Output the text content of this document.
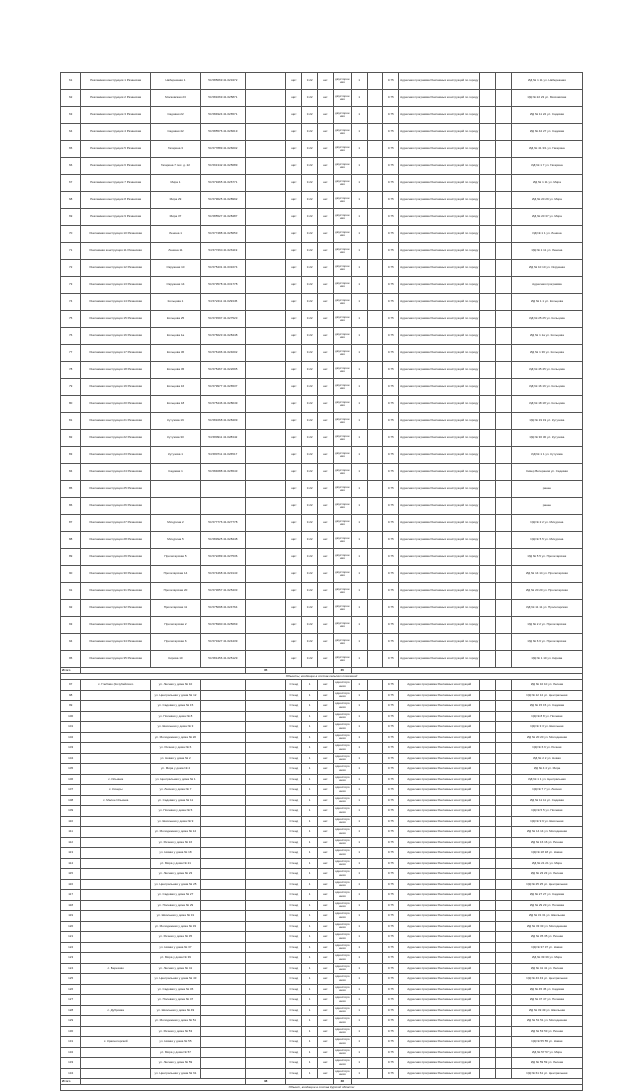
61	Рекламная конструкция 1 Рязанская	Набережная 1	54.585669 41.023472		щит	3.22	нет	двусторонняя	1		0.75	Адресная программа Рекламных конструкций по городу			ИД № 1 11 ул. Набережная
62	Рекламная конструкция 2 Рязанская	Московская 23	54.581669 41.025871		щит	3.22	нет	двусторонняя	1		0.75	Адресная программа Рекламных конструкций по городу			ИД № 22 23 ул. Московская
63	Рекламная конструкция 3 Рязанская	Садовая 22	54.584924 41.026571		щит	3.22	нет	двусторонняя	1		0.75	Адресная программа Рекламных конструкций по городу			ИД № 11 22 ул. Садовая
64	Рекламная конструкция 4 Рязанская	Садовая 42	54.585576 41.026619		щит	3.22	нет	двусторонняя	1		0.75	Адресная программа Рекламных конструкций по городу			ИД № 42 27 ул. Садовая
65	Рекламная конструкция 5 Рязанская	Гагарина 3	54.577889 41.026602		щит	3.22	нет	двусторонняя	1		0.75	Адресная программа Рекламных конструкций по городу			ИД № 41 3/1 ул. Гагарина
66	Рекламная конструкция 6 Рязанская	Гагарина 7 пос. д. 22	54.591342 41.025689		щит	3.22	нет	двусторонняя	1		0.75	Адресная программа Рекламных конструкций по городу			ИД № 1 7 ул. Гагарина
67	Рекламная конструкция 7 Рязанская	Мира 1	54.579465 41.026771		щит	3.22	нет	двусторонняя	1		0.75	Адресная программа Рекламных конструкций по городу			ИД № 1 11 ул. Мира
68	Рекламная конструкция 8 Рязанская	Мира 29	54.579625 41.028992		щит	3.22	нет	двусторонняя	1		0.75	Адресная программа Рекламных конструкций по городу			ИД № 20 29 ул. Мира
69	Рекламная конструкция 9 Рязанская	Мира 37	54.585527 41.028487		щит	3.22	нет	двусторонняя	1		0.75	Адресная программа Рекламных конструкций по городу			ИД № 20 37 ул. Мира
70	Рекламная конструкция 10 Рязанская	Ленина 1	54.577488 41.025653		щит	3.22	нет	двусторонняя	1		0.75	Адресная программа Рекламных конструкций по городу			ИД № 1 1 ул. Ленина
71	Рекламная конструкция 11 Рязанская	Ленина 11	54.577264 41.026119		щит	3.22	нет	двусторонняя	1		0.75	Адресная программа Рекламных конструкций по городу			ИД № 1 11 ул. Ленина
72	Рекламная конструкция 12 Рязанская	Окружная 10	54.575431 41.031674		щит	3.22	нет	двусторонняя	1		0.75	Адресная программа Рекламных конструкций по городу			ИД № 10 10 ул. Окружная
73	Рекламная конструкция 13 Рязанская	Окружная 14	54.573578 41.031778		щит	3.22	нет	двусторонняя	1		0.75	Адресная программа Рекламных конструкций по городу			Адресная программа
74	Рекламная конструкция 14 Рязанская	Кольцова 1	54.572411 41.029345		щит	3.22	нет	двусторонняя	1		0.75	Адресная программа Рекламных конструкций по городу			ИД № 1 1 ул. Кольцова
75	Рекламная конструкция 15 Рязанская	Кольцова 25	54.574597 41.027523		щит	3.22	нет	двусторонняя	1		0.75	Адресная программа Рекламных конструкций по городу			ИД № 25 25 ул. Кольцова
76	Рекламная конструкция 16 Рязанская	Кольцова 1а	54.576623 41.028448		щит	3.22	нет	двусторонняя	1		0.75	Адресная программа Рекламных конструкций по городу			ИД № 1 1а ул. Кольцова
77	Рекламная конструкция 17 Рязанская	Кольцова 36	54.576196 41.024002		щит	3.22	нет	двусторонняя	1		0.75	Адресная программа Рекламных конструкций по городу			ИД № 1 36 ул. Кольцова
78	Рекламная конструкция 18 Рязанская	Кольцова 45	54.575467 41.022695		щит	3.22	нет	двусторонняя	1		0.75	Адресная программа Рекламных конструкций по городу			ИД № 45 45 ул. Кольцова
79	Рекламная конструкция 19 Рязанская	Кольцова 16	54.579977 41.026537		щит	3.22	нет	двусторонняя	1		0.75	Адресная программа Рекламных конструкций по городу			ИД № 16 16 ул. Кольцова
80	Рекламная конструкция 20 Рязанская	Кольцова 18	54.575446 41.028049		щит	3.22	нет	двусторонняя	1		0.75	Адресная программа Рекламных конструкций по городу			ИД № 18 18 ул. Кольцова
81	Рекламная конструкция 21 Рязанская	Кутузова 19	54.581668 41.028409		щит	3.22	нет	двусторонняя	1		0.75	Адресная программа Рекламных конструкций по городу			ИД № 19 19 ул. Кутузова
82	Рекламная конструкция 22 Рязанская	Кутузова 30	54.580911 41.028342		щит	3.22	нет	двусторонняя	1		0.75	Адресная программа Рекламных конструкций по городу			ИД № 30 30 ул. Кутузова
83	Рекламная конструкция 23 Рязанская	Кутузова 1	54.580711 41.026517		щит	3.22	нет	двусторонняя	1		0.75	Адресная программа Рекламных конструкций по городу			ИД № 1 1 ул. Кутузова
84	Рекламная конструкция 24 Рязанская	Садовая 1	54.584688 41.026543		щит	3.22	нет	двусторонняя	1		0.75	Адресная программа Рекламных конструкций по городу			Сквер Ветеранов ул. Садовая
85	Рекламная конструкция 25 Рязанская				щит	3.22	нет	двусторонняя	1		0.75	Адресная программа Рекламных конструкций по городу			ранее
86	Рекламная конструкция 26 Рязанская				щит	3.22	нет	двусторонняя	1		0.75	Адресная программа Рекламных конструкций по городу			ранее
87	Рекламная конструкция 27 Рязанская	Мичурина 2	54.577776 41.027778		щит	3.22	нет	двусторонняя	1		0.75	Адресная программа Рекламных конструкций по городу			ИД № 2 2 ул. Мичурина
88	Рекламная конструкция 28 Рязанская	Мичурина 5	54.583925 41.028448		щит	3.22	нет	двусторонняя	1		0.75	Адресная программа Рекламных конструкций по городу			ИД № 5 5 ул. Мичурина
89	Рекламная конструкция 29 Рязанская	Пролетарская 5	54.572289 41.027536		щит	3.22	нет	двусторонняя	1		0.75	Адресная программа Рекламных конструкций по городу			ИД № 5 5 ул. Пролетарская
90	Рекламная конструкция 30 Рязанская	Пролетарская 14	54.574468 41.023143		щит	3.22	нет	двусторонняя	1		0.75	Адресная программа Рекламных конструкций по городу			ИД № 14 14 ул. Пролетарская
91	Рекламная конструкция 31 Рязанская	Пролетарская 20	54.573657 41.025433		щит	3.22	нет	двусторонняя	1		0.75	Адресная программа Рекламных конструкций по городу			ИД № 20 20 ул. Пролетарская
92	Рекламная конструкция 32 Рязанская	Пролетарская 11	54.575098 41.024764		щит	3.22	нет	двусторонняя	1		0.75	Адресная программа Рекламных конструкций по городу			ИД № 11 11 ул. Пролетарская
93	Рекламная конструкция 33 Рязанская	Пролетарская 2	54.576990 41.025669		щит	3.22	нет	двусторонняя	1		0.75	Адресная программа Рекламных конструкций по городу			ИД № 2 2 ул. Пролетарская
94	Рекламная конструкция 34 Рязанская	Пролетарская 6	54.573427 41.024439		щит	3.22	нет	двусторонняя	1		0.75	Адресная программа Рекламных конструкций по городу			ИД № 6 6 ул. Пролетарская
95	Рекламная конструкция 35 Рязанская	Кирова 10	54.581456 41.025129		щит	3.22	нет	двусторонняя	1		0.75	Адресная программа Рекламных конструкций по городу			ИД № 1 10 ул. Кирова
Итого				35				35							
Объекты, входящие в состав сельских поселений															
97	с. Глебово (Кочубейского	ул. Лесная у дома № 10			Стенд	1	нет	односторонняя	1		0.75	Адресная программа Рекламных конструкций			ИД № 10 10 ул. Лесная
98		ул. Центральная у дома № 12			Стенд	1	нет	односторонняя	1		0.75	Адресная программа Рекламных конструкций			ИД № 12 12 ул. Центральная
99		ул. Садовая у дома № 15			Стенд	1	нет	односторонняя	1		0.75	Адресная программа Рекламных конструкций			ИД № 15 15 ул. Садовая
100		ул. Полевая у дома № 8			Стенд	1	нет	односторонняя	1		0.75	Адресная программа Рекламных конструкций			ИД № 8 8 ул. Полевая
101		ул. Школьная у дома № 3			Стенд	1	нет	односторонняя	1		0.75	Адресная программа Рекламных конструкций			ИД № 3 3 ул. Школьная
102		ул. Молодежная у дома № 20			Стенд	1	нет	односторонняя	1		0.75	Адресная программа Рекламных конструкций			ИД № 20 20 ул. Молодежная
103		ул. Речная у дома № 6			Стенд	1	нет	односторонняя	1		0.75	Адресная программа Рекламных конструкций			ИД № 6 6 ул. Речная
104		ул. Новая у дома № 2			Стенд	1	нет	односторонняя	1		0.75	Адресная программа Рекламных конструкций			ИД № 2 2 ул. Новая
105		ул. Мира у дома № 4			Стенд	1	нет	односторонняя	1		0.75	Адресная программа Рекламных конструкций			ИД № 4 4 ул. Мира
106	с. Ильинка	ул. Центральная у дома № 1			Стенд	1	нет	односторонняя	1		0.75	Адресная программа Рекламных конструкций			ИД № 1 1 ул. Центральная
107	с. Кочеры	ул. Лесная у дома № 7			Стенд	1	нет	односторонняя	1		0.75	Адресная программа Рекламных конструкций			ИД № 7 7 ул. Лесная
108	с. Малое Ильинка	ул. Садовая у дома № 11			Стенд	1	нет	односторонняя	1		0.75	Адресная программа Рекламных конструкций			ИД № 11 11 ул. Садовая
109		ул. Полевая у дома № 5			Стенд	1	нет	односторонняя	1		0.75	Адресная программа Рекламных конструкций			ИД № 5 5 ул. Полевая
110		ул. Школьная у дома № 9			Стенд	1	нет	односторонняя	1		0.75	Адресная программа Рекламных конструкций			ИД № 9 9 ул. Школьная
111		ул. Молодежная у дома № 14			Стенд	1	нет	односторонняя	1		0.75	Адресная программа Рекламных конструкций			ИД № 14 14 ул. Молодежная
112		ул. Речная у дома № 16			Стенд	1	нет	односторонняя	1		0.75	Адресная программа Рекламных конструкций			ИД № 16 16 ул. Речная
113		ул. Новая у дома № 18			Стенд	1	нет	односторонняя	1		0.75	Адресная программа Рекламных конструкций			ИД № 18 18 ул. Новая
114		ул. Мира у дома № 21			Стенд	1	нет	односторонняя	1		0.75	Адресная программа Рекламных конструкций			ИД № 21 21 ул. Мира
115		ул. Лесная у дома № 23			Стенд	1	нет	односторонняя	1		0.75	Адресная программа Рекламных конструкций			ИД № 23 23 ул. Лесная
116		ул. Центральная у дома № 25			Стенд	1	нет	односторонняя	1		0.75	Адресная программа Рекламных конструкций			ИД № 25 25 ул. Центральная
117		ул. Садовая у дома № 27			Стенд	1	нет	односторонняя	1		0.75	Адресная программа Рекламных конструкций			ИД № 27 27 ул. Садовая
118		ул. Полевая у дома № 29			Стенд	1	нет	односторонняя	1		0.75	Адресная программа Рекламных конструкций			ИД № 29 29 ул. Полевая
119		ул. Школьная у дома № 31			Стенд	1	нет	односторонняя	1		0.75	Адресная программа Рекламных конструкций			ИД № 31 31 ул. Школьная
120		ул. Молодежная у дома № 33			Стенд	1	нет	односторонняя	1		0.75	Адресная программа Рекламных конструкций			ИД № 33 33 ул. Молодежная
121		ул. Речная у дома № 35			Стенд	1	нет	односторонняя	1		0.75	Адресная программа Рекламных конструкций			ИД № 35 35 ул. Речная
122		ул. Новая у дома № 37			Стенд	1	нет	односторонняя	1		0.75	Адресная программа Рекламных конструкций			ИД № 37 37 ул. Новая
123		ул. Мира у дома № 39			Стенд	1	нет	односторонняя	1		0.75	Адресная программа Рекламных конструкций			ИД № 39 39 ул. Мира
124	с. Березово	ул. Лесная у дома № 41			Стенд	1	нет	односторонняя	1		0.75	Адресная программа Рекламных конструкций			ИД № 41 41 ул. Лесная
125		ул. Центральная у дома № 43			Стенд	1	нет	односторонняя	1		0.75	Адресная программа Рекламных конструкций			ИД № 43 43 ул. Центральная
126		ул. Садовая у дома № 45			Стенд	1	нет	односторонняя	1		0.75	Адресная программа Рекламных конструкций			ИД № 45 45 ул. Садовая
127		ул. Полевая у дома № 47			Стенд	1	нет	односторонняя	1		0.75	Адресная программа Рекламных конструкций			ИД № 47 47 ул. Полевая
128	с. Дубровка	ул. Школьная у дома № 49			Стенд	1	нет	односторонняя	1		0.75	Адресная программа Рекламных конструкций			ИД № 49 49 ул. Школьная
129		ул. Молодежная у дома № 51			Стенд	1	нет	односторонняя	1		0.75	Адресная программа Рекламных конструкций			ИД № 51 51 ул. Молодежная
130		ул. Речная у дома № 53			Стенд	1	нет	односторонняя	1		0.75	Адресная программа Рекламных конструкций			ИД № 53 53 ул. Речная
131	с. Красногорский	ул. Новая у дома № 55			Стенд	1	нет	односторонняя	1		0.75	Адресная программа Рекламных конструкций			ИД № 55 55 ул. Новая
132		ул. Мира у дома № 57			Стенд	1	нет	односторонняя	1		0.75	Адресная программа Рекламных конструкций			ИД № 57 57 ул. Мира
133		ул. Лесная у дома № 59			Стенд	1	нет	односторонняя	1		0.75	Адресная программа Рекламных конструкций			ИД № 59 59 ул. Лесная
134		ул. Центральная у дома № 61			Стенд	1	нет	односторонняя	1		0.75	Адресная программа Рекламных конструкций			ИД № 61 61 ул. Центральная
Итого				38				38							
Объект, входящие в состав Курской области															
